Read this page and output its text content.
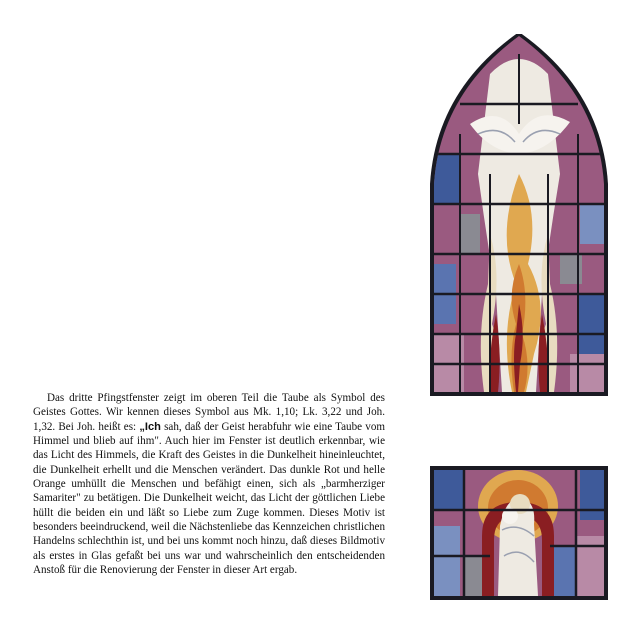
Das dritte Pfingstfenster zeigt im oberen Teil die Taube als Symbol des Geistes Gottes. Wir kennen dieses Symbol aus Mk. 1,10; Lk. 3,22 und Joh. 1,32. Bei Joh. heißt es: „Ich sah, daß der Geist herabfuhr wie eine Taube vom Himmel und blieb auf ihm". Auch hier im Fenster ist deutlich erkennbar, wie das Licht des Himmels, die Kraft des Geistes in die Dunkelheit hineinleuchtet, die Dunkelheit erhellt und die Menschen verändert. Das dunkle Rot und helle Orange umhüllt die Menschen und befähigt einen, sich als „barmherziger Samariter" zu betätigen. Die Dunkelheit weicht, das Licht der göttlichen Liebe hüllt die beiden ein und läßt so Liebe zum Zuge kommen. Dieses Motiv ist besonders beeindruckend, weil die Nächstenliebe das Kennzeichen christlichen Handelns schlechthin ist, und bei uns kommt noch hinzu, daß dieses Bildmotiv als erstes in Glas gefaßt bei uns war und wahrscheinlich den entscheidenden Anstoß für die Renovierung der Fenster in dieser Art ergab.
